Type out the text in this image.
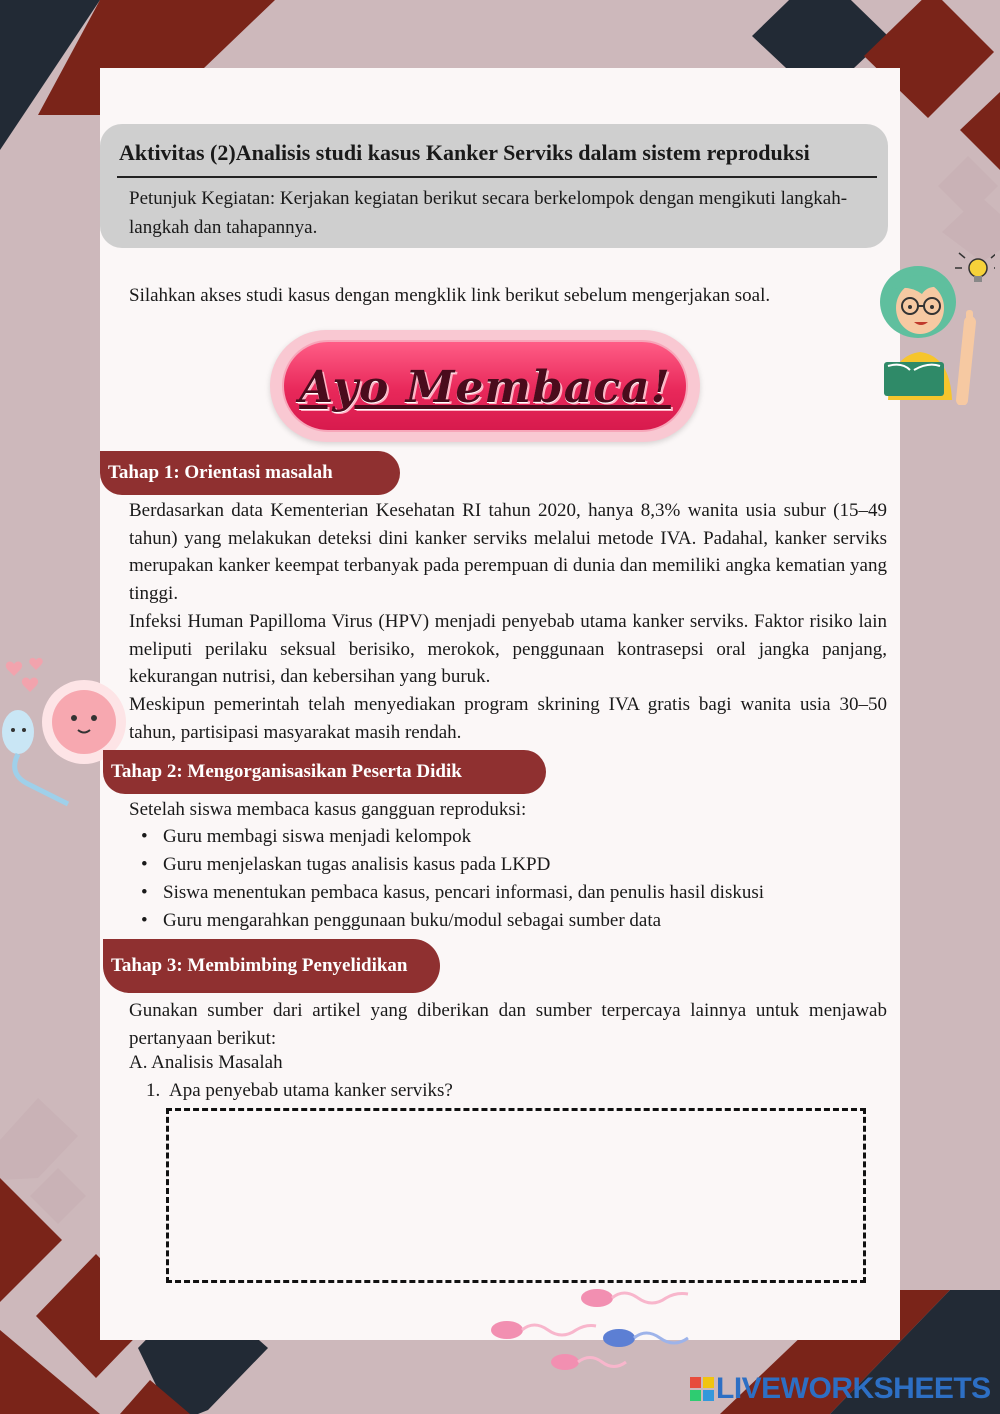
Aktivitas (2)Analisis studi kasus Kanker Serviks dalam sistem reproduksi
Petunjuk Kegiatan: Kerjakan kegiatan berikut secara berkelompok dengan mengikuti langkah-langkah dan tahapannya.
Silahkan akses studi kasus dengan mengklik link berikut sebelum mengerjakan soal.
Ayo Membaca!
Tahap 1: Orientasi masalah
Berdasarkan data Kementerian Kesehatan RI tahun 2020, hanya 8,3% wanita usia subur (15–49 tahun) yang melakukan deteksi dini kanker serviks melalui metode IVA. Padahal, kanker serviks merupakan kanker keempat terbanyak pada perempuan di dunia dan memiliki angka kematian yang tinggi.
Infeksi Human Papilloma Virus (HPV) menjadi penyebab utama kanker serviks. Faktor risiko lain meliputi perilaku seksual berisiko, merokok, penggunaan kontrasepsi oral jangka panjang, kekurangan nutrisi, dan kebersihan yang buruk.
Meskipun pemerintah telah menyediakan program skrining IVA gratis bagi wanita usia 30–50 tahun, partisipasi masyarakat masih rendah.
Tahap 2: Mengorganisasikan Peserta Didik
Setelah siswa membaca kasus gangguan reproduksi:
• Guru membagi siswa menjadi kelompok
• Guru menjelaskan tugas analisis kasus pada LKPD
• Siswa menentukan pembaca kasus, pencari informasi, dan penulis hasil diskusi
• Guru mengarahkan penggunaan buku/modul sebagai sumber data
Tahap 3: Membimbing Penyelidikan
Gunakan sumber dari artikel yang diberikan dan sumber terpercaya lainnya untuk menjawab pertanyaan berikut:
A. Analisis Masalah
1. Apa penyebab utama kanker serviks?
LIVEWORKSHEETS
